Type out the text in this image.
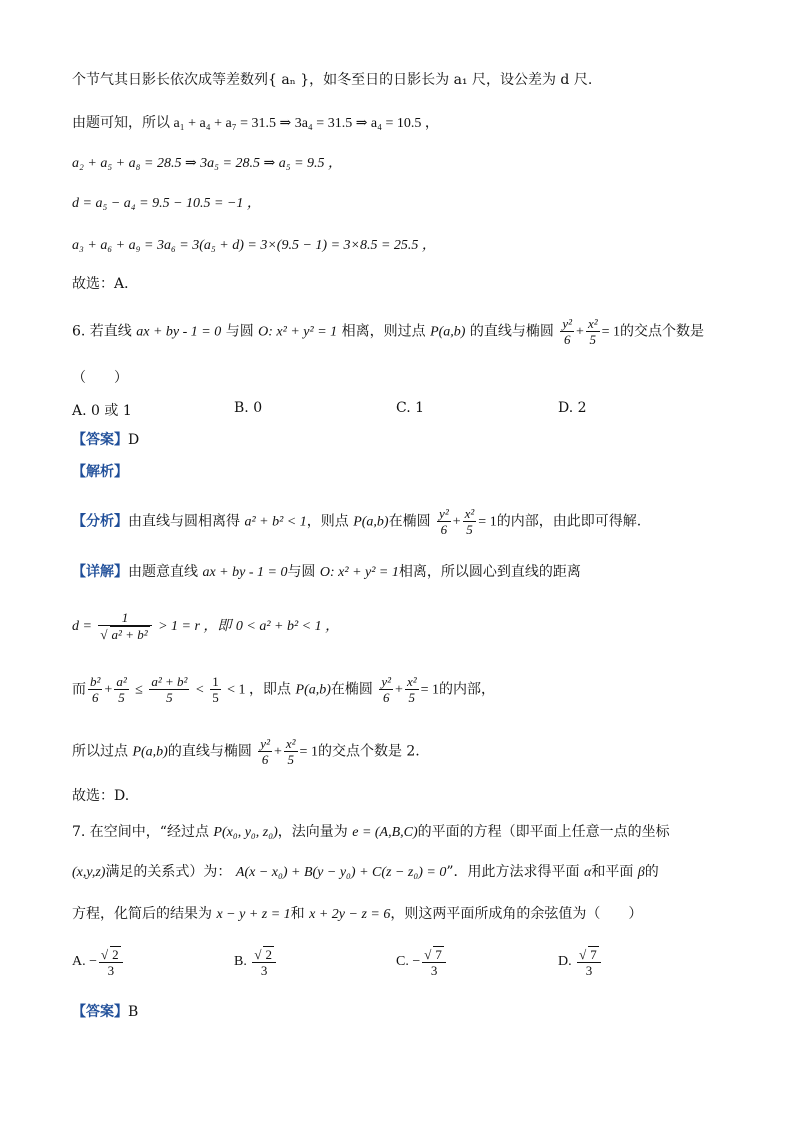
个节气其日影长依次成等差数列{ aₙ }，如冬至日的日影长为 a₁ 尺，设公差为 d 尺.
由题可知，所以 a₁ + a₄ + a₇ = 31.5 ⇒ 3a₄ = 31.5 ⇒ a₄ = 10.5 ，
a₂ + a₅ + a₈ = 28.5 ⇒ 3a₅ = 28.5 ⇒ a₅ = 9.5 ，
d = a₅ − a₄ = 9.5 − 10.5 = −1 ，
a₃ + a₆ + a₉ = 3a₆ = 3(a₅ + d) = 3×(9.5 − 1) = 3×8.5 = 25.5 ，
故选：A．
6. 若直线 ax + by - 1 = 0 与圆 O: x² + y² = 1 相离，则过点 P(a,b) 的直线与椭圆 $\frac{\text{y²}}{6} + \frac{\text{x²}}{5} = 1$的交点个数是
（　　）
A. 0 或 1	B. 0	C. 1	D. 2
【答案】D
【解析】
【分析】由直线与圆相离得 a² + b² < 1，则点 P(a,b)在椭圆 $\frac{\text{y²}}{6} + \frac{\text{x²}}{5} = 1$的内部，由此即可得解.
【详解】由题意直线 ax + by - 1 = 0与圆 O: x² + y² = 1相离，所以圆心到直线的距离
$d = \frac{1}{\text{√ a² + b²}} > 1 = r$ ，即 0 < a² + b² < 1 ，
而 $\frac{\text{b²}}{6} + \frac{\text{a²}}{5} \le \frac{\text{a² + b²}}{5} < \frac{1}{5} < 1$ ，即点 P(a,b)在椭圆 $\frac{\text{y²}}{6} + \frac{\text{x²}}{5} = 1$的内部，
所以过点 P(a,b)的直线与椭圆 $\frac{\text{y²}}{6} + \frac{\text{x²}}{5} = 1$的交点个数是 2.
故选：D.
7. 在空间中，“经过点 P(x₀, y₀, z₀)，法向量为 e = (A,B,C)的平面的方程（即平面上任意一点的坐标
(x,y,z)满足的关系式）为： A(x − x₀) + B(y − y₀) + C(z − z₀) = 0”．用此方法求得平面 α和平面 β的
方程，化简后的结果为 x − y + z = 1和 x + 2y − z = 6，则这两平面所成角的余弦值为（　　）
A. − $\frac{√ 2}{3}$	B. $\frac{√ 2}{3}$	C. − $\frac{√ 7}{3}$	D. $\frac{√ 7}{3}$
【答案】B
